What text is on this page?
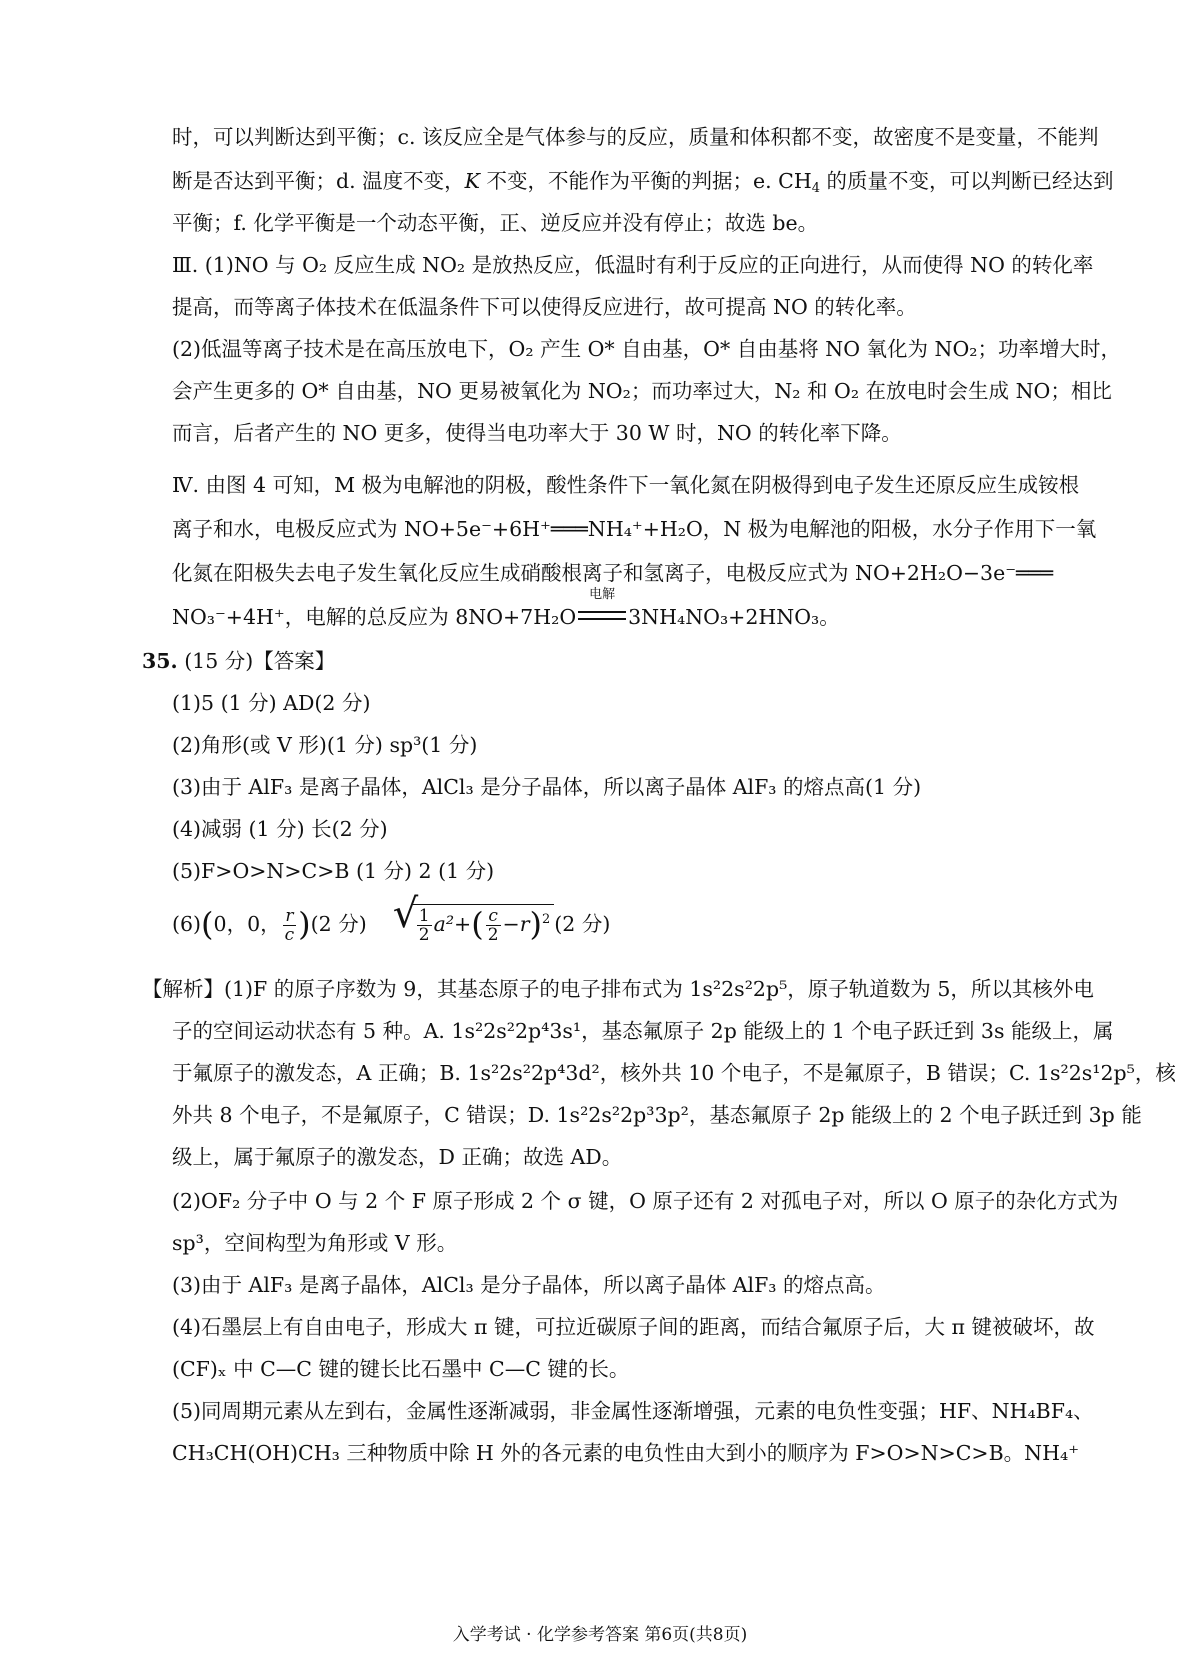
时，可以判断达到平衡；c. 该反应全是气体参与的反应，质量和体积都不变，故密度不是变量，不能判
断是否达到平衡；d. 温度不变，K 不变，不能作为平衡的判据；e. $CH_4$ 的质量不变，可以判断已经达到
平衡；f. 化学平衡是一个动态平衡，正、逆反应并没有停止；故选 be。
Ⅲ. (1)NO 与 O₂ 反应生成 NO₂ 是放热反应，低温时有利于反应的正向进行，从而使得 NO 的转化率
提高，而等离子体技术在低温条件下可以使得反应进行，故可提高 NO 的转化率。
(2)低温等离子技术是在高压放电下，O₂ 产生 O* 自由基，O* 自由基将 NO 氧化为 NO₂；功率增大时，
会产生更多的 O* 自由基，NO 更易被氧化为 NO₂；而功率过大，N₂ 和 O₂ 在放电时会生成 NO；相比
而言，后者产生的 NO 更多，使得当电功率大于 30 W 时，NO 的转化率下降。
Ⅳ. 由图 4 可知，M 极为电解池的阴极，酸性条件下一氧化氮在阴极得到电子发生还原反应生成铵根
离子和水，电极反应式为 NO+5e⁻+6H⁺═══NH₄⁺+H₂O，N 极为电解池的阳极，水分子作用下一氧
化氮在阳极失去电子发生氧化反应生成硝酸根离子和氢离子，电极反应式为 NO+2H₂O−3e⁻═══
NO₃⁻+4H⁺，电解的总反应为 8NO+7H₂O
电解
3NH₄NO₃+2HNO₃。
35. (15 分)【答案】
(1)5 (1 分) AD(2 分)
(2)角形(或 V 形)(1 分) sp³(1 分)
(3)由于 AlF₃ 是离子晶体，AlCl₃ 是分子晶体，所以离子晶体 AlF₃ 的熔点高(1 分)
(4)减弱 (1 分) 长(2 分)
(5)F>O>N>C>B (1 分) 2 (1 分)
(6)(0，0， $\frac{r}{c} )(2$ 分) √
$\frac{1}{2} a^2+( \frac{c}{2} -r)^2$ (2 分)
【解析】(1)F 的原子序数为 9，其基态原子的电子排布式为 1s²2s²2p⁵，原子轨道数为 5，所以其核外电
子的空间运动状态有 5 种。A. 1s²2s²2p⁴3s¹，基态氟原子 2p 能级上的 1 个电子跃迁到 3s 能级上，属
于氟原子的激发态，A 正确；B. 1s²2s²2p⁴3d²，核外共 10 个电子，不是氟原子，B 错误；C. 1s²2s¹2p⁵，核
外共 8 个电子，不是氟原子，C 错误；D. 1s²2s²2p³3p²，基态氟原子 2p 能级上的 2 个电子跃迁到 3p 能
级上，属于氟原子的激发态，D 正确；故选 AD。
(2)OF₂ 分子中 O 与 2 个 F 原子形成 2 个 σ 键，O 原子还有 2 对孤电子对，所以 O 原子的杂化方式为
sp³，空间构型为角形或 V 形。
(3)由于 AlF₃ 是离子晶体，AlCl₃ 是分子晶体，所以离子晶体 AlF₃ 的熔点高。
(4)石墨层上有自由电子，形成大 π 键，可拉近碳原子间的距离，而结合氟原子后，大 π 键被破坏，故
(CF)ₓ 中 C—C 键的键长比石墨中 C—C 键的长。
(5)同周期元素从左到右，金属性逐渐减弱，非金属性逐渐增强，元素的电负性变强；HF、NH₄BF₄、
CH₃CH(OH)CH₃ 三种物质中除 H 外的各元素的电负性由大到小的顺序为 F>O>N>C>B。NH₄⁺
入学考试 · 化学参考答案 第6页(共8页)
